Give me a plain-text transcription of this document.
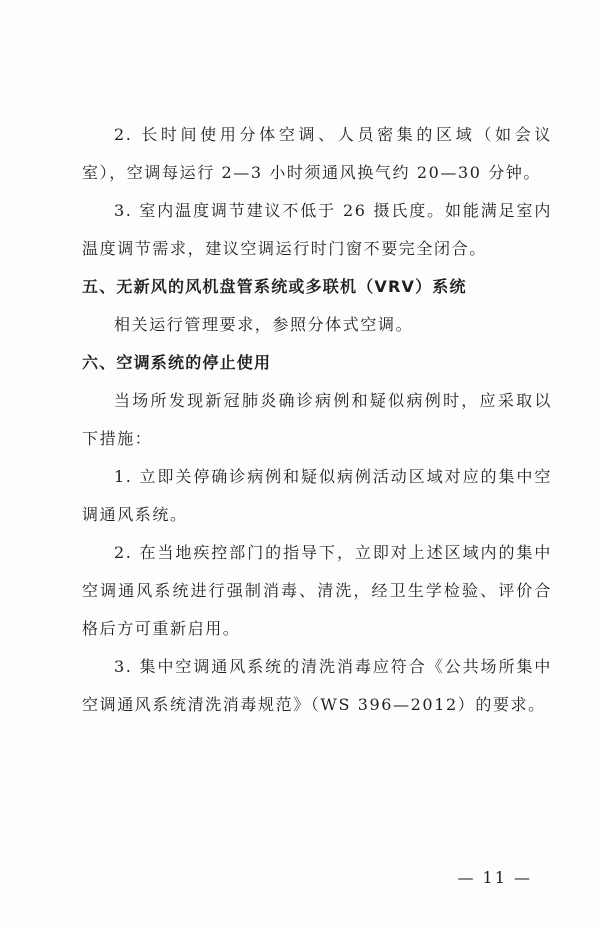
2. 长时间使用分体空调、人员密集的区域（如会议室），空调每运行 2—3 小时须通风换气约 20—30 分钟。

3. 室内温度调节建议不低于 26 摄氏度。如能满足室内温度调节需求，建议空调运行时门窗不要完全闭合。

五、无新风的风机盘管系统或多联机（VRV）系统

相关运行管理要求，参照分体式空调。

六、空调系统的停止使用

当场所发现新冠肺炎确诊病例和疑似病例时，应采取以下措施：

1. 立即关停确诊病例和疑似病例活动区域对应的集中空调通风系统。

2. 在当地疾控部门的指导下，立即对上述区域内的集中空调通风系统进行强制消毒、清洗，经卫生学检验、评价合格后方可重新启用。

3. 集中空调通风系统的清洗消毒应符合《公共场所集中空调通风系统清洗消毒规范》（WS 396—2012）的要求。

— 11 —
